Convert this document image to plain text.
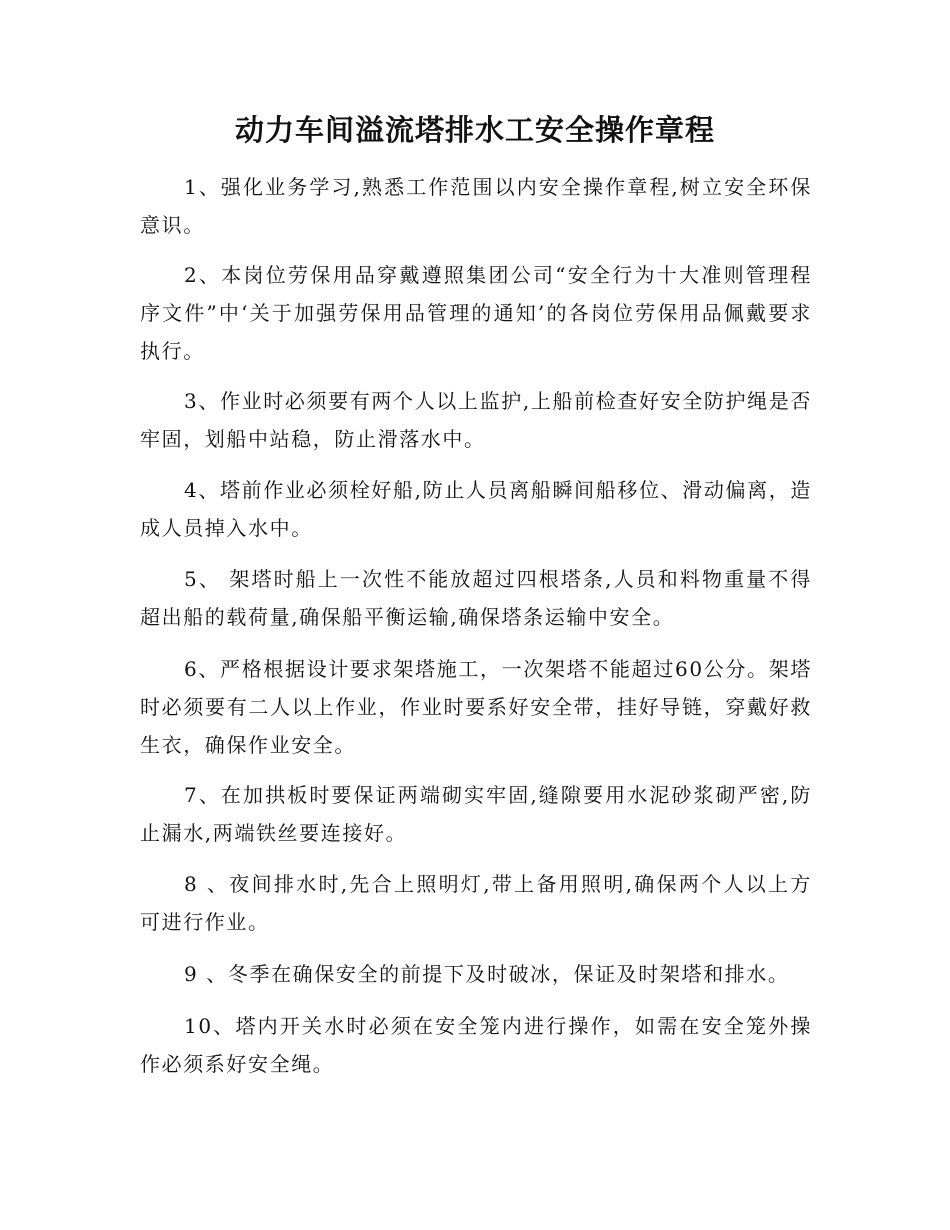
动力车间溢流塔排水工安全操作章程

1、强化业务学习,熟悉工作范围以内安全操作章程,树立安全环保意识。

2、本岗位劳保用品穿戴遵照集团公司“安全行为十大准则管理程序文件”中‘关于加强劳保用品管理的通知’的各岗位劳保用品佩戴要求执行。

3、作业时必须要有两个人以上监护,上船前检查好安全防护绳是否牢固，划船中站稳，防止滑落水中。

4、塔前作业必须栓好船,防止人员离船瞬间船移位、滑动偏离，造成人员掉入水中。

5、 架塔时船上一次性不能放超过四根塔条,人员和料物重量不得超出船的载荷量,确保船平衡运输,确保塔条运输中安全。

6、严格根据设计要求架塔施工，一次架塔不能超过60公分。架塔时必须要有二人以上作业，作业时要系好安全带，挂好导链，穿戴好救生衣，确保作业安全。

7、在加拱板时要保证两端砌实牢固,缝隙要用水泥砂浆砌严密,防止漏水,两端铁丝要连接好。

8 、夜间排水时,先合上照明灯,带上备用照明,确保两个人以上方可进行作业。

9 、冬季在确保安全的前提下及时破冰，保证及时架塔和排水。

10、塔内开关水时必须在安全笼内进行操作，如需在安全笼外操作必须系好安全绳。
